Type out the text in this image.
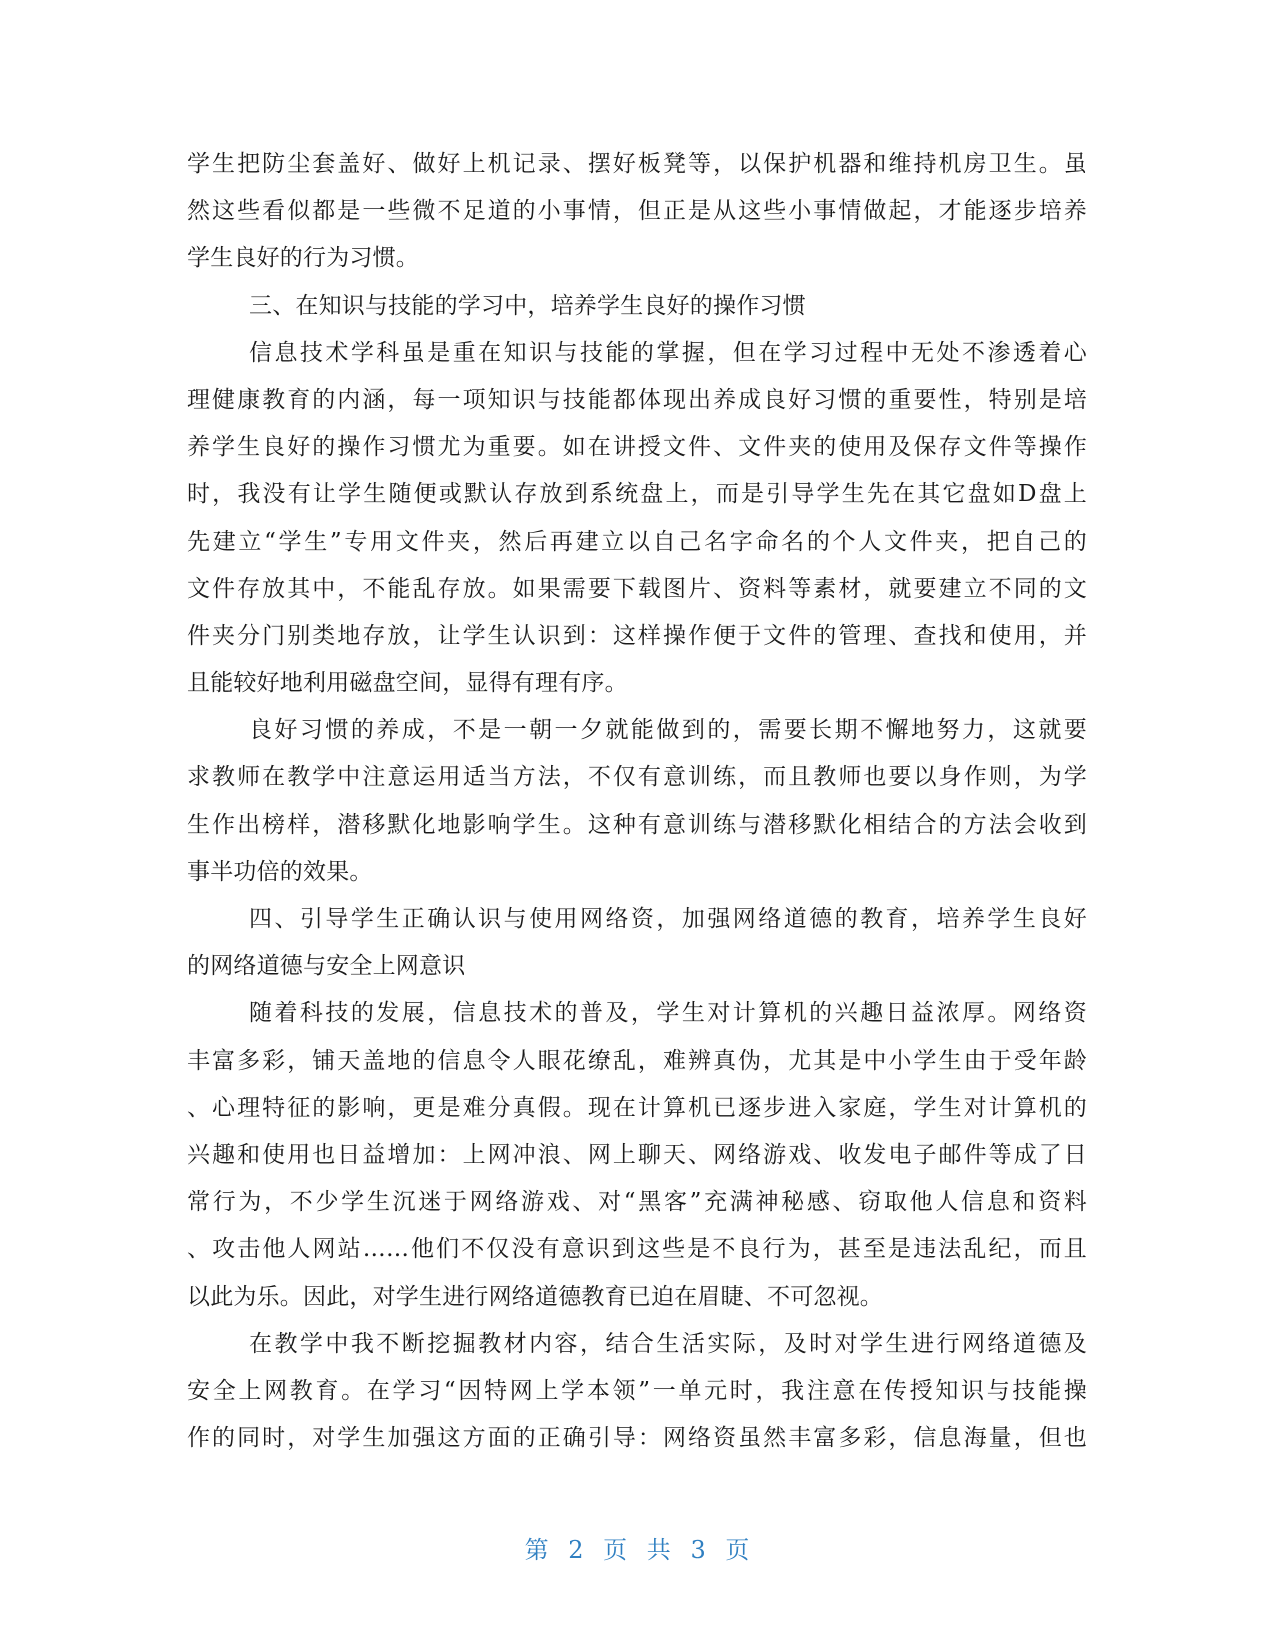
学生把防尘套盖好、做好上机记录、摆好板凳等，以保护机器和维持机房卫生。虽
然这些看似都是一些微不足道的小事情，但正是从这些小事情做起，才能逐步培养
学生良好的行为习惯。
三、在知识与技能的学习中，培养学生良好的操作习惯
信息技术学科虽是重在知识与技能的掌握，但在学习过程中无处不渗透着心
理健康教育的内涵，每一项知识与技能都体现出养成良好习惯的重要性，特别是培
养学生良好的操作习惯尤为重要。如在讲授文件、文件夹的使用及保存文件等操作
时，我没有让学生随便或默认存放到系统盘上，而是引导学生先在其它盘如D盘上
先建立“学生”专用文件夹，然后再建立以自己名字命名的个人文件夹，把自己的
文件存放其中，不能乱存放。如果需要下载图片、资料等素材，就要建立不同的文
件夹分门别类地存放，让学生认识到：这样操作便于文件的管理、查找和使用，并
且能较好地利用磁盘空间，显得有理有序。
良好习惯的养成，不是一朝一夕就能做到的，需要长期不懈地努力，这就要
求教师在教学中注意运用适当方法，不仅有意训练，而且教师也要以身作则，为学
生作出榜样，潜移默化地影响学生。这种有意训练与潜移默化相结合的方法会收到
事半功倍的效果。
四、引导学生正确认识与使用网络资，加强网络道德的教育，培养学生良好
的网络道德与安全上网意识
随着科技的发展，信息技术的普及，学生对计算机的兴趣日益浓厚。网络资
丰富多彩，铺天盖地的信息令人眼花缭乱，难辨真伪，尤其是中小学生由于受年龄
、心理特征的影响，更是难分真假。现在计算机已逐步进入家庭，学生对计算机的
兴趣和使用也日益增加：上网冲浪、网上聊天、网络游戏、收发电子邮件等成了日
常行为，不少学生沉迷于网络游戏、对“黑客”充满神秘感、窃取他人信息和资料
、攻击他人网站……他们不仅没有意识到这些是不良行为，甚至是违法乱纪，而且
以此为乐。因此，对学生进行网络道德教育已迫在眉睫、不可忽视。
在教学中我不断挖掘教材内容，结合生活实际，及时对学生进行网络道德及
安全上网教育。在学习“因特网上学本领”一单元时，我注意在传授知识与技能操
作的同时，对学生加强这方面的正确引导：网络资虽然丰富多彩，信息海量，但也
第 2 页 共 3 页
